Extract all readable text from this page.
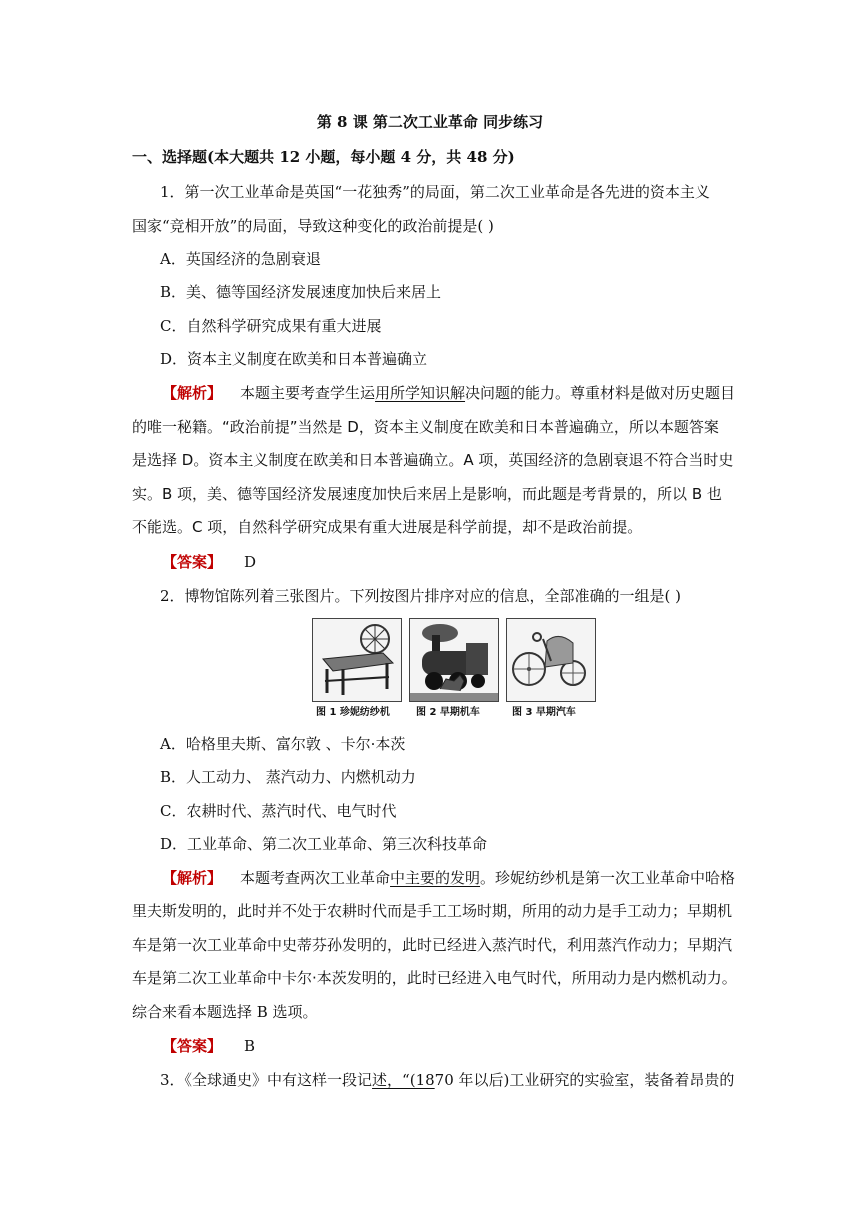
第 8 课 第二次工业革命 同步练习
一、选择题(本大题共 12 小题，每小题 4 分，共 48 分)
1．第一次工业革命是英国“一花独秀”的局面，第二次工业革命是各先进的资本主义
国家“竞相开放”的局面，导致这种变化的政治前提是( )
A．英国经济的急剧衰退
B．美、德等国经济发展速度加快后来居上
C．自然科学研究成果有重大进展
D．资本主义制度在欧美和日本普遍确立
【解析】 本题主要考查学生运用所学知识解决问题的能力。尊重材料是做对历史题目
的唯一秘籍。“政治前提”当然是 D，资本主义制度在欧美和日本普遍确立，所以本题答案
是选择 D。资本主义制度在欧美和日本普遍确立。A 项，英国经济的急剧衰退不符合当时史
实。B 项，美、德等国经济发展速度加快后来居上是影响，而此题是考背景的，所以 B 也
不能选。C 项，自然科学研究成果有重大进展是科学前提，却不是政治前提。
【答案】 D
2．博物馆陈列着三张图片。下列按图片排序对应的信息，全部准确的一组是( )
图 1 珍妮纺纱机	图 2 早期机车	图 3 早期汽车
A．哈格里夫斯、富尔敦 、卡尔·本茨
B．人工动力、 蒸汽动力、内燃机动力
C．农耕时代、蒸汽时代、电气时代
D．工业革命、第二次工业革命、第三次科技革命
【解析】 本题考查两次工业革命中主要的发明。珍妮纺纱机是第一次工业革命中哈格
里夫斯发明的，此时并不处于农耕时代而是手工工场时期，所用的动力是手工动力；早期机
车是第一次工业革命中史蒂芬孙发明的，此时已经进入蒸汽时代，利用蒸汽作动力；早期汽
车是第二次工业革命中卡尔·本茨发明的，此时已经进入电气时代，所用动力是内燃机动力。
综合来看本题选择 B 选项。
【答案】 B
3．《全球通史》中有这样一段记述，“(1870 年以后)工业研究的实验室，装备着昂贵的
